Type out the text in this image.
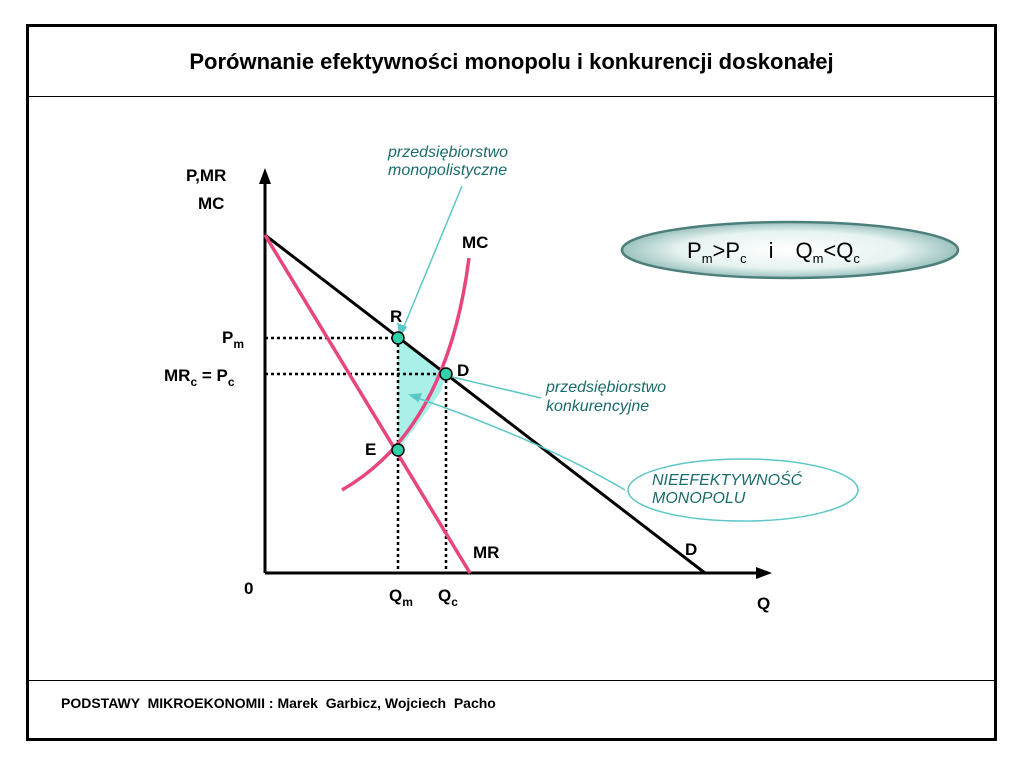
Porównanie efektywności monopolu i konkurencji doskonałej
PODSTAWY  MIKROEKONOMII : Marek  Garbicz, Wojciech  Pacho
P,MR
MC
Q
0
MC
MR	D
R
D
E
$P_m$
$MR_c = P_c$
$Q_m$ $Q_c$
przedsiębiorstwo
monopolistyczne
przedsiębiorstwo
konkurencyjne
NIEEFEKTYWNOŚĆ
MONOPOLU
$P_m>P_c$ i $Q_m<Q_c$
